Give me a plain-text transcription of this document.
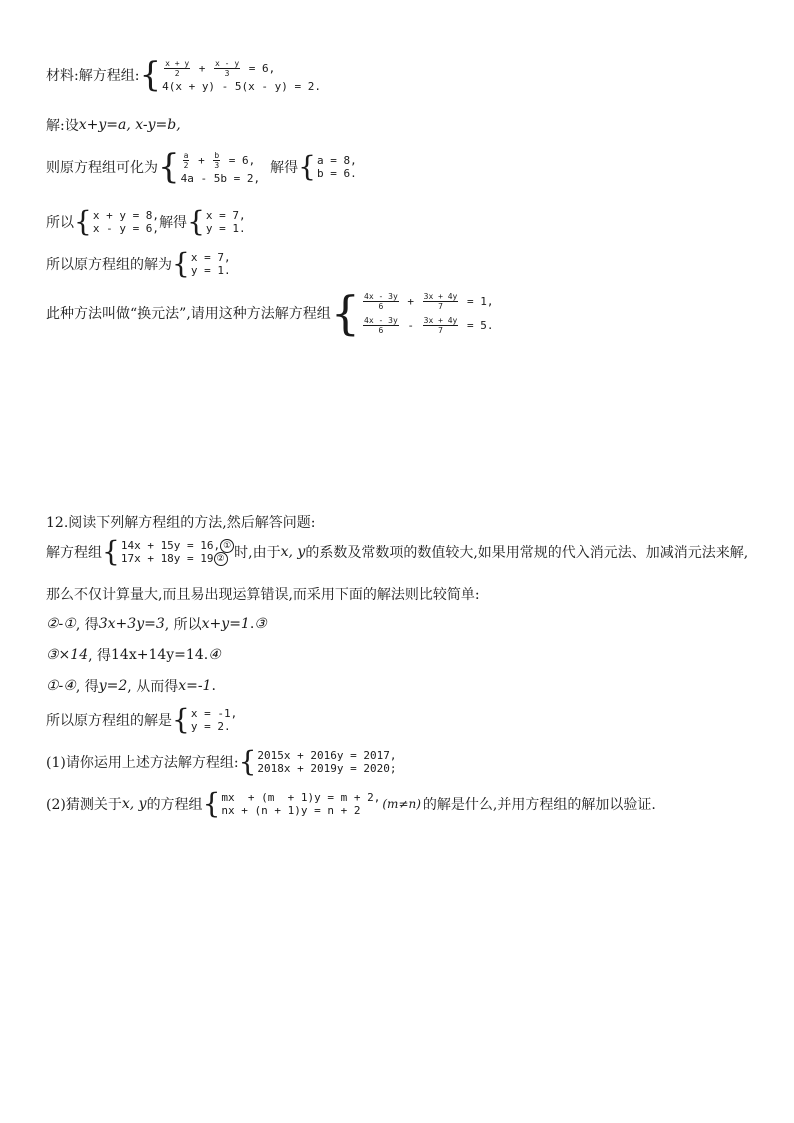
材料:解方程组: { $\frac{x + y}{2} + \frac{x - y}{3} = 6$,
4(x + y) - 5(x - y) = 2.
解:设 x+y=a, x-y=b,
则原方程组可化为 { $\frac{a}{2} + \frac{b}{3} = 6$,
4a - 5b = 2,
解得 { a = 8,
b = 6.
所以 { x + y = 8,
x - y = 6, 解得 { x = 7,
y = 1.
所以原方程组的解为 { x = 7,
y = 1.
此种方法叫做“换元法”,请用这种方法解方程组 { $\frac{4x - 3y}{6} + \frac{3x + 4y}{7} = 1$,
$\frac{4x - 3y}{6} - \frac{3x + 4y}{7} = 5$.
12.阅读下列解方程组的方法,然后解答问题:
解方程组 { 14x + 15y = 16, ①
17x + 18y = 19 ② 时,由于 x, y 的系数及常数项的数值较大,如果用常规的代入消元法、加减消元法来解,
那么不仅计算量大,而且易出现运算错误,而采用下面的解法则比较简单:
②-① , 得 3x+3y=3 , 所以 x+y=1 . ③
③×14 , 得 14x+14y=14 . ④
①-④ , 得 y=2 , 从而得 x=-1 .
所以原方程组的解是 { x = -1,
y = 2.
(1)请你运用上述方法解方程组: { 2015x + 2016y = 2017,
2018x + 2019y = 2020;
(2)猜测关于 x, y 的方程组 { mx  + (m  + 1)y = m + 2,
nx + (n + 1)y = n + 2	(m≠n) 的解是什么,并用方程组的解加以验证.
